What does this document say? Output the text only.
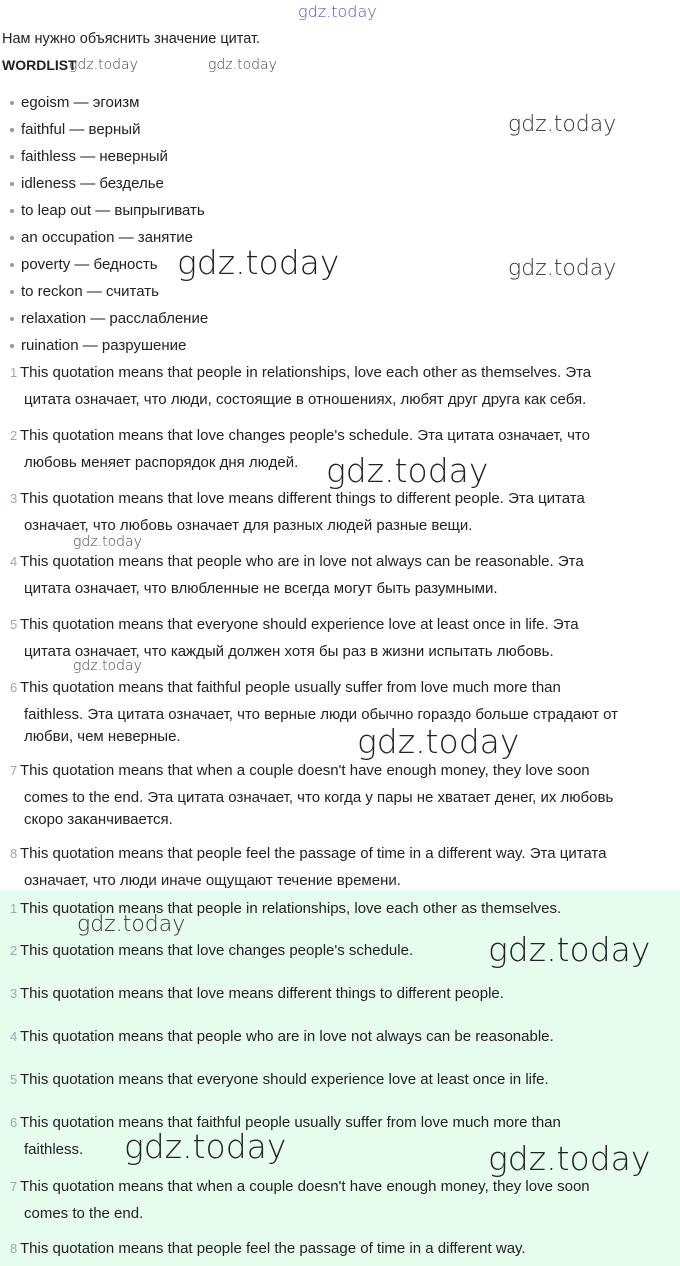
gdz.today
gdz.today	gdz.today
gdz.today
gdz.today
gdz.today
gdz.today
gdz.today
gdz.today
gdz.today
gdz.today
gdz.today
gdz.today	gdz.today
Нам нужно объяснить значение цитат.
WORDLIST
egoism — эгоизм
faithful — верный
faithless — неверный
idleness — безделье
to leap out — выпрыгивать
an occupation — занятие
poverty — бедность
to reckon — считать
relaxation — расслабление
ruination — разрушение
1 This quotation means that people in relationships, love each other as themselves. Эта
цитата означает, что люди, состоящие в отношениях, любят друг друга как себя.
2 This quotation means that love changes people's schedule. Эта цитата означает, что
любовь меняет распорядок дня людей.
3 This quotation means that love means different things to different people. Эта цитата
означает, что любовь означает для разных людей разные вещи.
4 This quotation means that people who are in love not always can be reasonable. Эта
цитата означает, что влюбленные не всегда могут быть разумными.
5 This quotation means that everyone should experience love at least once in life. Эта
цитата означает, что каждый должен хотя бы раз в жизни испытать любовь.
6 This quotation means that faithful people usually suffer from love much more than
faithless. Эта цитата означает, что верные люди обычно гораздо больше страдают от
любви, чем неверные.
7 This quotation means that when a couple doesn't have enough money, they love soon
comes to the end. Эта цитата означает, что когда у пары не хватает денег, их любовь
скоро заканчивается.
8 This quotation means that people feel the passage of time in a different way. Эта цитата
означает, что люди иначе ощущают течение времени.
1 This quotation means that people in relationships, love each other as themselves.
2 This quotation means that love changes people's schedule.
3 This quotation means that love means different things to different people.
4 This quotation means that people who are in love not always can be reasonable.
5 This quotation means that everyone should experience love at least once in life.
6 This quotation means that faithful people usually suffer from love much more than
faithless.
7 This quotation means that when a couple doesn't have enough money, they love soon
comes to the end.
8 This quotation means that people feel the passage of time in a different way.
